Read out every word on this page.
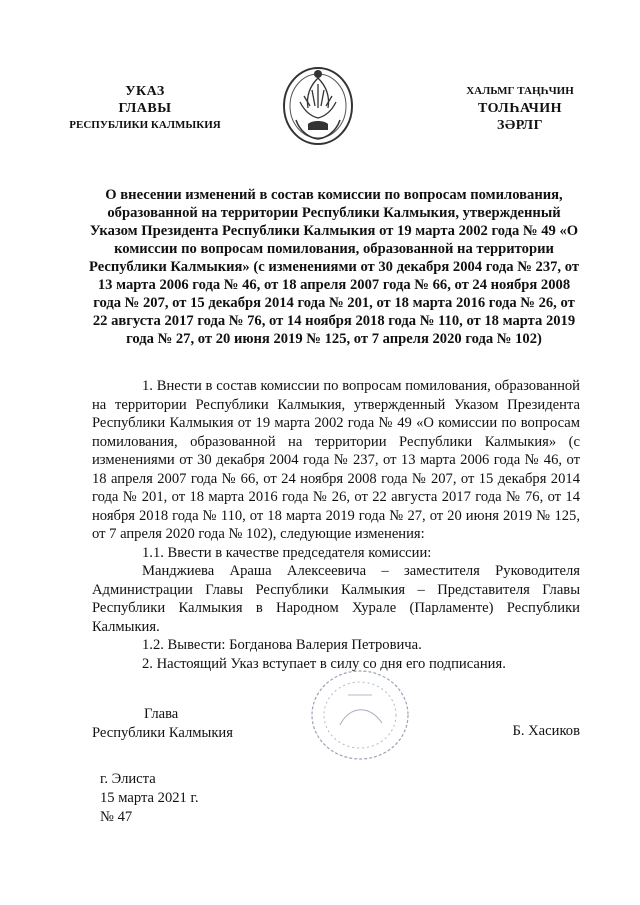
УКАЗ
ГЛАВЫ
РЕСПУБЛИКИ КАЛМЫКИЯ
ХАЛЬМГ ТАҢҺЧИН
ТОЛҺАЧИН
ЗӘРЛГ
О внесении изменений в состав комиссии по вопросам помилования, образованной на территории Республики Калмыкия, утвержденный Указом Президента Республики Калмыкия от 19 марта 2002 года № 49 «О комиссии по вопросам помилования, образованной на территории Республики Калмыкия» (с изменениями от 30 декабря 2004 года № 237, от 13 марта 2006 года № 46, от 18 апреля 2007 года № 66, от 24 ноября 2008 года № 207, от 15 декабря 2014 года № 201, от 18 марта 2016 года № 26, от 22 августа 2017 года № 76, от 14 ноября 2018 года № 110, от 18 марта 2019 года № 27, от 20 июня 2019 № 125, от 7 апреля 2020 года № 102)

1. Внести в состав комиссии по вопросам помилования, образованной на территории Республики Калмыкия, утвержденный Указом Президента Республики Калмыкия от 19 марта 2002 года № 49 «О комиссии по вопросам помилования, образованной на территории Республики Калмыкия» (с изменениями от 30 декабря 2004 года № 237, от 13 марта 2006 года № 46, от 18 апреля 2007 года № 66, от 24 ноября 2008 года № 207, от 15 декабря 2014 года № 201, от 18 марта 2016 года № 26, от 22 августа 2017 года № 76, от 14 ноября 2018 года № 110, от 18 марта 2019 года № 27, от 20 июня 2019 № 125, от 7 апреля 2020 года № 102), следующие изменения:

1.1. Ввести в качестве председателя комиссии:

Манджиева Араша Алексеевича – заместителя Руководителя Администрации Главы Республики Калмыкия – Представителя Главы Республики Калмыкия в Народном Хурале (Парламенте) Республики Калмыкия.

1.2. Вывести: Богданова Валерия Петровича.

2. Настоящий Указ вступает в силу со дня его подписания.

Глава
Республики Калмыкия	Б. Хасиков
г. Элиста
15 марта 2021 г.
№ 47
